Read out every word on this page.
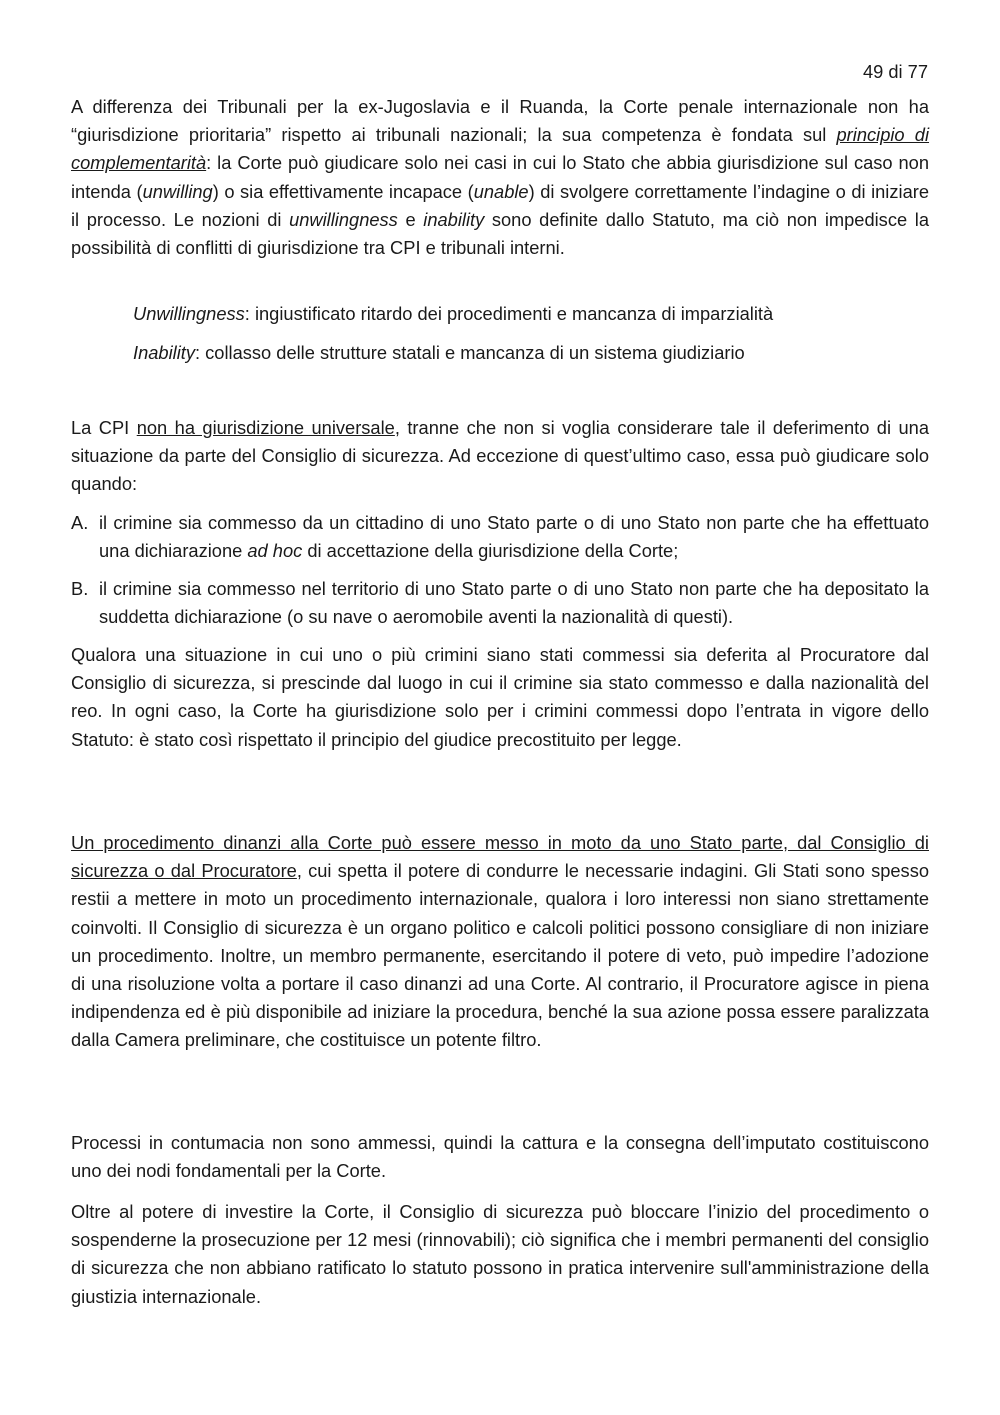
49 di 77

A differenza dei Tribunali per la ex-Jugoslavia e il Ruanda, la Corte penale internazionale non ha “giurisdizione prioritaria” rispetto ai tribunali nazionali; la sua competenza è fondata sul principio di complementarità: la Corte può giudicare solo nei casi in cui lo Stato che abbia giurisdizione sul caso non intenda (unwilling) o sia effettivamente incapace (unable) di svolgere correttamente l’indagine o di iniziare il processo. Le nozioni di unwillingness e inability sono definite dallo Statuto, ma ciò non impedisce la possibilità di conflitti di giurisdizione tra CPI e tribunali interni.

Unwillingness: ingiustificato ritardo dei procedimenti e mancanza di imparzialità

Inability: collasso delle strutture statali e mancanza di un sistema giudiziario

La CPI non ha giurisdizione universale, tranne che non si voglia considerare tale il deferimento di una situazione da parte del Consiglio di sicurezza. Ad eccezione di quest’ultimo caso, essa può giudicare solo quando:

A. il crimine sia commesso da un cittadino di uno Stato parte o di uno Stato non parte che ha effettuato una dichiarazione ad hoc di accettazione della giurisdizione della Corte;
B. il crimine sia commesso nel territorio di uno Stato parte o di uno Stato non parte che ha depositato la suddetta dichiarazione (o su nave o aeromobile aventi la nazionalità di questi).

Qualora una situazione in cui uno o più crimini siano stati commessi sia deferita al Procuratore dal Consiglio di sicurezza, si prescinde dal luogo in cui il crimine sia stato commesso e dalla nazionalità del reo. In ogni caso, la Corte ha giurisdizione solo per i crimini commessi dopo l’entrata in vigore dello Statuto: è stato così rispettato il principio del giudice precostituito per legge.

Un procedimento dinanzi alla Corte può essere messo in moto da uno Stato parte, dal Consiglio di sicurezza o dal Procuratore, cui spetta il potere di condurre le necessarie indagini. Gli Stati sono spesso restii a mettere in moto un procedimento internazionale, qualora i loro interessi non siano strettamente coinvolti. Il Consiglio di sicurezza è un organo politico e calcoli politici possono consigliare di non iniziare un procedimento. Inoltre, un membro permanente, esercitando il potere di veto, può impedire l’adozione di una risoluzione volta a portare il caso dinanzi ad una Corte. Al contrario, il Procuratore agisce in piena indipendenza ed è più disponibile ad iniziare la procedura, benché la sua azione possa essere paralizzata dalla Camera preliminare, che costituisce un potente filtro.

Processi in contumacia non sono ammessi, quindi la cattura e la consegna dell’imputato costituiscono uno dei nodi fondamentali per la Corte.

Oltre al potere di investire la Corte, il Consiglio di sicurezza può bloccare l’inizio del procedimento o sospenderne la prosecuzione per 12 mesi (rinnovabili); ciò significa che i membri permanenti del consiglio di sicurezza che non abbiano ratificato lo statuto possono in pratica intervenire sull'amministrazione della giustizia internazionale.
